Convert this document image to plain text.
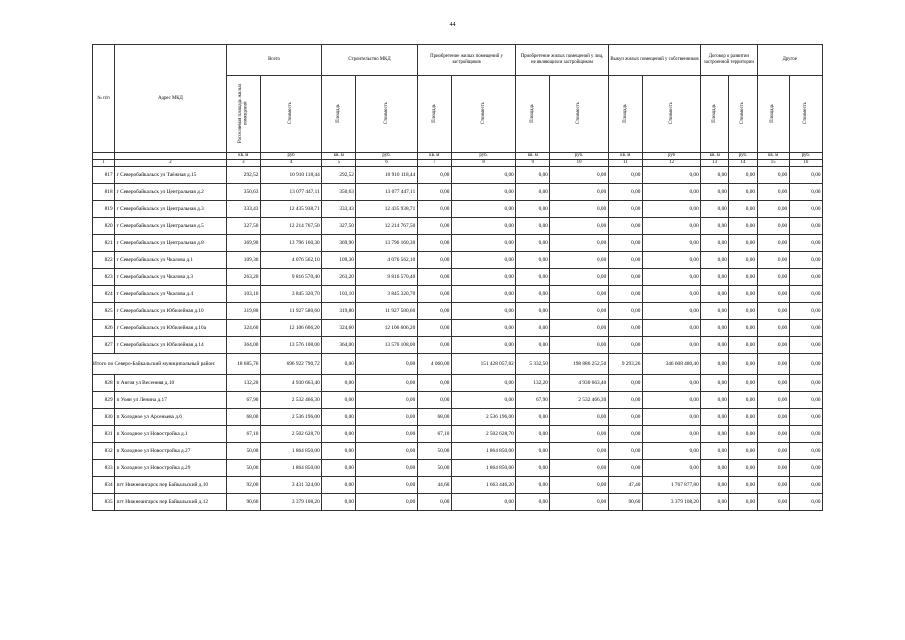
44
№ п/п	Адрес МКД	Всего		Строительство МКД		Приобретение жилых помещений у застройщиков		Приобретение жилых помещений у лиц, не являющихся застройщиком		Выкуп жилых помещений у собственников		Договор о развитии застроенной территории		Другое	
		Расселяемая площадь жилых помещений	Стоимость	Площадь	Стоимость	Площадь	Стоимость	Площадь	Стоимость	Площадь	Стоимость	Площадь	Стоимость	Площадь	Стоимость
		кв. м	руб	кв. м	руб.	кв. м	руб.	кв. м	руб.	кв. м	руб	кв. м	руб.	кв. м	руб.
1	2	3	4	5	6	7	8	9	10	11	12	13	14	15	16
817	г Северобайкальск ул Таёжная д.15	292,52	10 910 118,44	292,52	10 910 118,44	0,00	0,00	0,00	0,00	0,00	0,00	0,00	0,00	0,00	0,00
818	г Северобайкальск ул Центральная д.2	350,63	13 077 447,11	350,63	13 077 447,11	0,00	0,00	0,00	0,00	0,00	0,00	0,00	0,00	0,00	0,00
819	г Северобайкальск ул Центральная д.3	333,43	12 435 938,71	333,43	12 435 938,71	0,00	0,00	0,00	0,00	0,00	0,00	0,00	0,00	0,00	0,00
820	г Северобайкальск ул Центральная д.5	327,50	12 214 767,50	327,50	12 214 767,50	0,00	0,00	0,00	0,00	0,00	0,00	0,00	0,00	0,00	0,00
821	г Северобайкальск ул Центральная д.8	369,90	13 796 160,30	369,90	13 796 160,30	0,00	0,00	0,00	0,00	0,00	0,00	0,00	0,00	0,00	0,00
822	г Северобайкальск ул Чкалова д.1	109,30	4 076 562,10	109,30	4 076 562,10	0,00	0,00	0,00	0,00	0,00	0,00	0,00	0,00	0,00	0,00
823	г Северобайкальск ул Чкалова д.3	263,20	9 816 570,40	263,20	9 816 570,40	0,00	0,00	0,00	0,00	0,00	0,00	0,00	0,00	0,00	0,00
824	г Северобайкальск ул Чкалова д.4	103,10	3 845 320,70	103,10	3 845 320,70	0,00	0,00	0,00	0,00	0,00	0,00	0,00	0,00	0,00	0,00
825	г Северобайкальск ул Юбилейная д.10	319,80	11 927 580,60	319,80	11 927 580,60	0,00	0,00	0,00	0,00	0,00	0,00	0,00	0,00	0,00	0,00
826	г Северобайкальск ул Юбилейная д.10а	324,60	12 106 606,20	324,60	12 106 606,20	0,00	0,00	0,00	0,00	0,00	0,00	0,00	0,00	0,00	0,00
827	г Северобайкальск ул Юбилейная д.14	364,00	13 576 108,00	364,00	13 576 108,00	0,00	0,00	0,00	0,00	0,00	0,00	0,00	0,00	0,00	0,00
Итого по Северо-Байкальский муниципальный район:		18 685,76	696 922 790,72	0,00	0,00	4 060,00	151 428 057,82	5 332,50	198 886 252,50	9 293,26	346 608 480,40	0,00	0,00	0,00	0,00
828	п Ангоя ул Весенняя д.10	132,20	4 930 663,40	0,00	0,00	0,00	0,00	132,20	4 930 663,40	0,00	0,00	0,00	0,00	0,00	0,00
829	п Уоян ул Ленина д.17	67,90	2 532 466,30	0,00	0,00	0,00	0,00	67,90	2 532 466,30	0,00	0,00	0,00	0,00	0,00	0,00
830	п Холодное ул Арсеньева д.6	68,00	2 536 196,00	0,00	0,00	68,00	2 536 196,00	0,00	0,00	0,00	0,00	0,00	0,00	0,00	0,00
831	п Холодное ул Новостройка д.1	67,10	2 502 628,70	0,00	0,00	67,10	2 502 628,70	0,00	0,00	0,00	0,00	0,00	0,00	0,00	0,00
832	п Холодное ул Новостройка д.27	50,00	1 864 850,00	0,00	0,00	50,00	1 864 850,00	0,00	0,00	0,00	0,00	0,00	0,00	0,00	0,00
833	п Холодное ул Новостройка д.29	50,00	1 864 850,00	0,00	0,00	50,00	1 864 850,00	0,00	0,00	0,00	0,00	0,00	0,00	0,00	0,00
834	пгт Нижнеангарск пер Байкальский д.10	92,00	3 431 324,00	0,00	0,00	44,60	1 663 446,20	0,00	0,00	47,40	1 767 877,80	0,00	0,00	0,00	0,00
835	пгт Нижнеангарск пер Байкальский д.12	90,60	3 379 108,20	0,00	0,00	0,00	0,00	0,00	0,00	90,60	3 379 108,20	0,00	0,00	0,00	0,00
